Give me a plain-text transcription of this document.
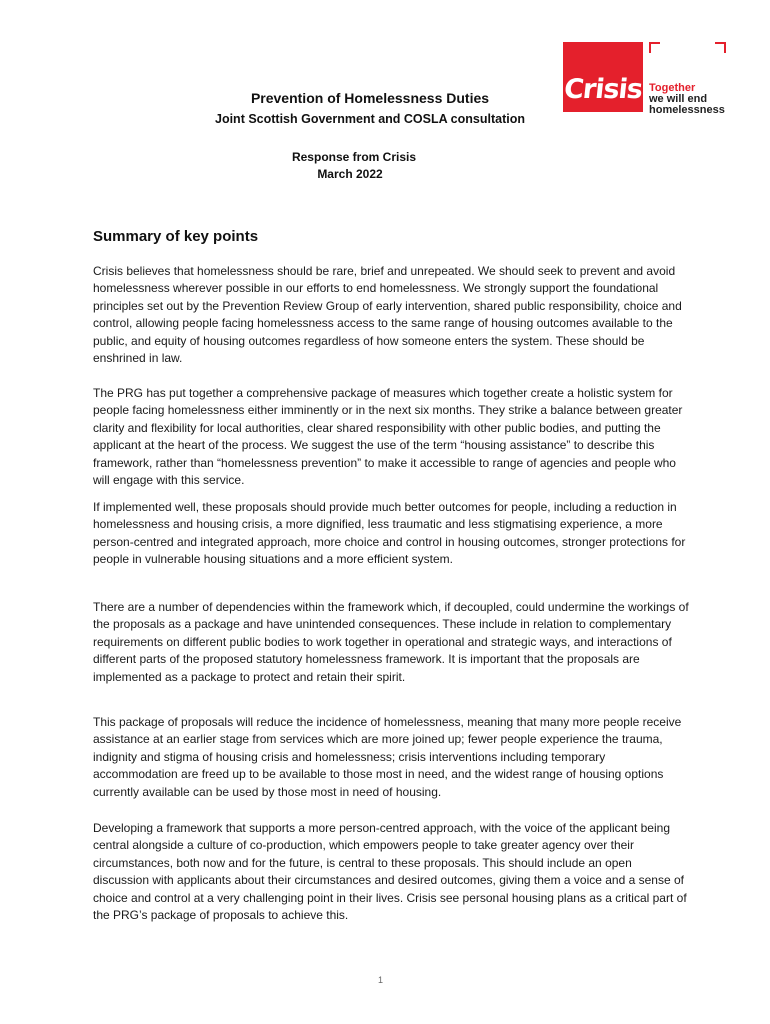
Crisis Together
we will end
homelessness
Prevention of Homelessness Duties
Joint Scottish Government and COSLA consultation
Response from Crisis
March 2022
Summary of key points

Crisis believes that homelessness should be rare, brief and unrepeated. We should seek to prevent and avoid homelessness wherever possible in our efforts to end homelessness. We strongly support the foundational principles set out by the Prevention Review Group of early intervention, shared public responsibility, choice and control, allowing people facing homelessness access to the same range of housing outcomes available to the public, and equity of housing outcomes regardless of how someone enters the system. These should be enshrined in law.

The PRG has put together a comprehensive package of measures which together create a holistic system for people facing homelessness either imminently or in the next six months. They strike a balance between greater clarity and flexibility for local authorities, clear shared responsibility with other public bodies, and putting the applicant at the heart of the process. We suggest the use of the term “housing assistance” to describe this framework, rather than “homelessness prevention” to make it accessible to range of agencies and people who will engage with this service.

If implemented well, these proposals should provide much better outcomes for people, including a reduction in homelessness and housing crisis, a more dignified, less traumatic and less stigmatising experience, a more person-centred and integrated approach, more choice and control in housing outcomes, stronger protections for people in vulnerable housing situations and a more efficient system.

There are a number of dependencies within the framework which, if decoupled, could undermine the workings of the proposals as a package and have unintended consequences. These include in relation to complementary requirements on different public bodies to work together in operational and strategic ways, and interactions of different parts of the proposed statutory homelessness framework. It is important that the proposals are implemented as a package to protect and retain their spirit.

This package of proposals will reduce the incidence of homelessness, meaning that many more people receive assistance at an earlier stage from services which are more joined up; fewer people experience the trauma, indignity and stigma of housing crisis and homelessness; crisis interventions including temporary accommodation are freed up to be available to those most in need, and the widest range of housing options currently available can be used by those most in need of housing.

Developing a framework that supports a more person-centred approach, with the voice of the applicant being central alongside a culture of co-production, which empowers people to take greater agency over their circumstances, both now and for the future, is central to these proposals. This should include an open discussion with applicants about their circumstances and desired outcomes, giving them a voice and a sense of choice and control at a very challenging point in their lives. Crisis see personal housing plans as a critical part of the PRG’s package of proposals to achieve this.

1
